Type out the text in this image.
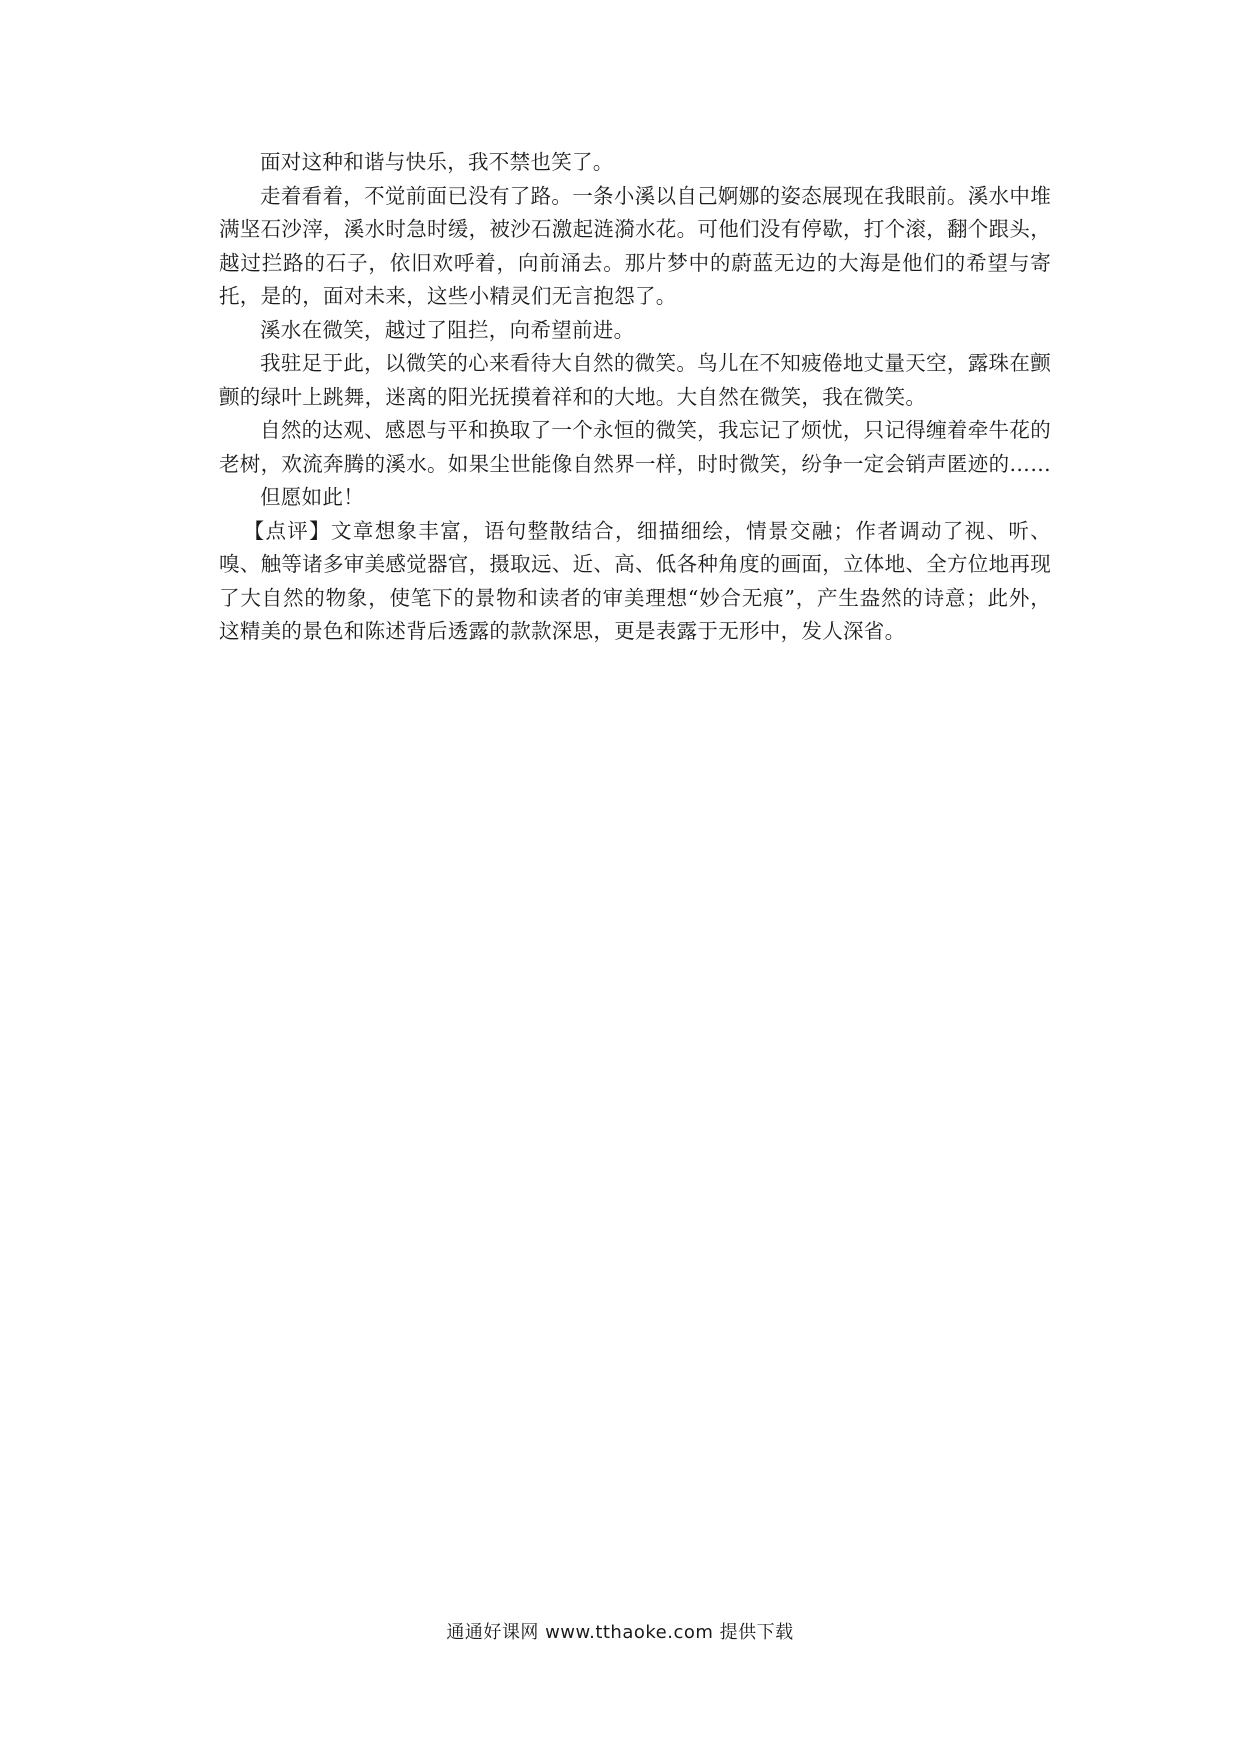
面对这种和谐与快乐，我不禁也笑了。

走着看着，不觉前面已没有了路。一条小溪以自己婀娜的姿态展现在我眼前。溪水中堆满坚石沙滓，溪水时急时缓，被沙石激起涟漪水花。可他们没有停歇，打个滚，翻个跟头，越过拦路的石子，依旧欢呼着，向前涌去。那片梦中的蔚蓝无边的大海是他们的希望与寄托，是的，面对未来，这些小精灵们无言抱怨了。

溪水在微笑，越过了阻拦，向希望前进。

我驻足于此，以微笑的心来看待大自然的微笑。鸟儿在不知疲倦地丈量天空，露珠在颤颤的绿叶上跳舞，迷离的阳光抚摸着祥和的大地。大自然在微笑，我在微笑。

自然的达观、感恩与平和换取了一个永恒的微笑，我忘记了烦忧，只记得缠着牵牛花的老树，欢流奔腾的溪水。如果尘世能像自然界一样，时时微笑，纷争一定会销声匿迹的……

但愿如此！

【点评】文章想象丰富，语句整散结合，细描细绘，情景交融；作者调动了视、听、嗅、触等诸多审美感觉器官，摄取远、近、高、低各种角度的画面，立体地、全方位地再现了大自然的物象，使笔下的景物和读者的审美理想“妙合无痕”，产生盎然的诗意；此外，这精美的景色和陈述背后透露的款款深思，更是表露于无形中，发人深省。

通通好课网 www.tthaoke.com 提供下载
